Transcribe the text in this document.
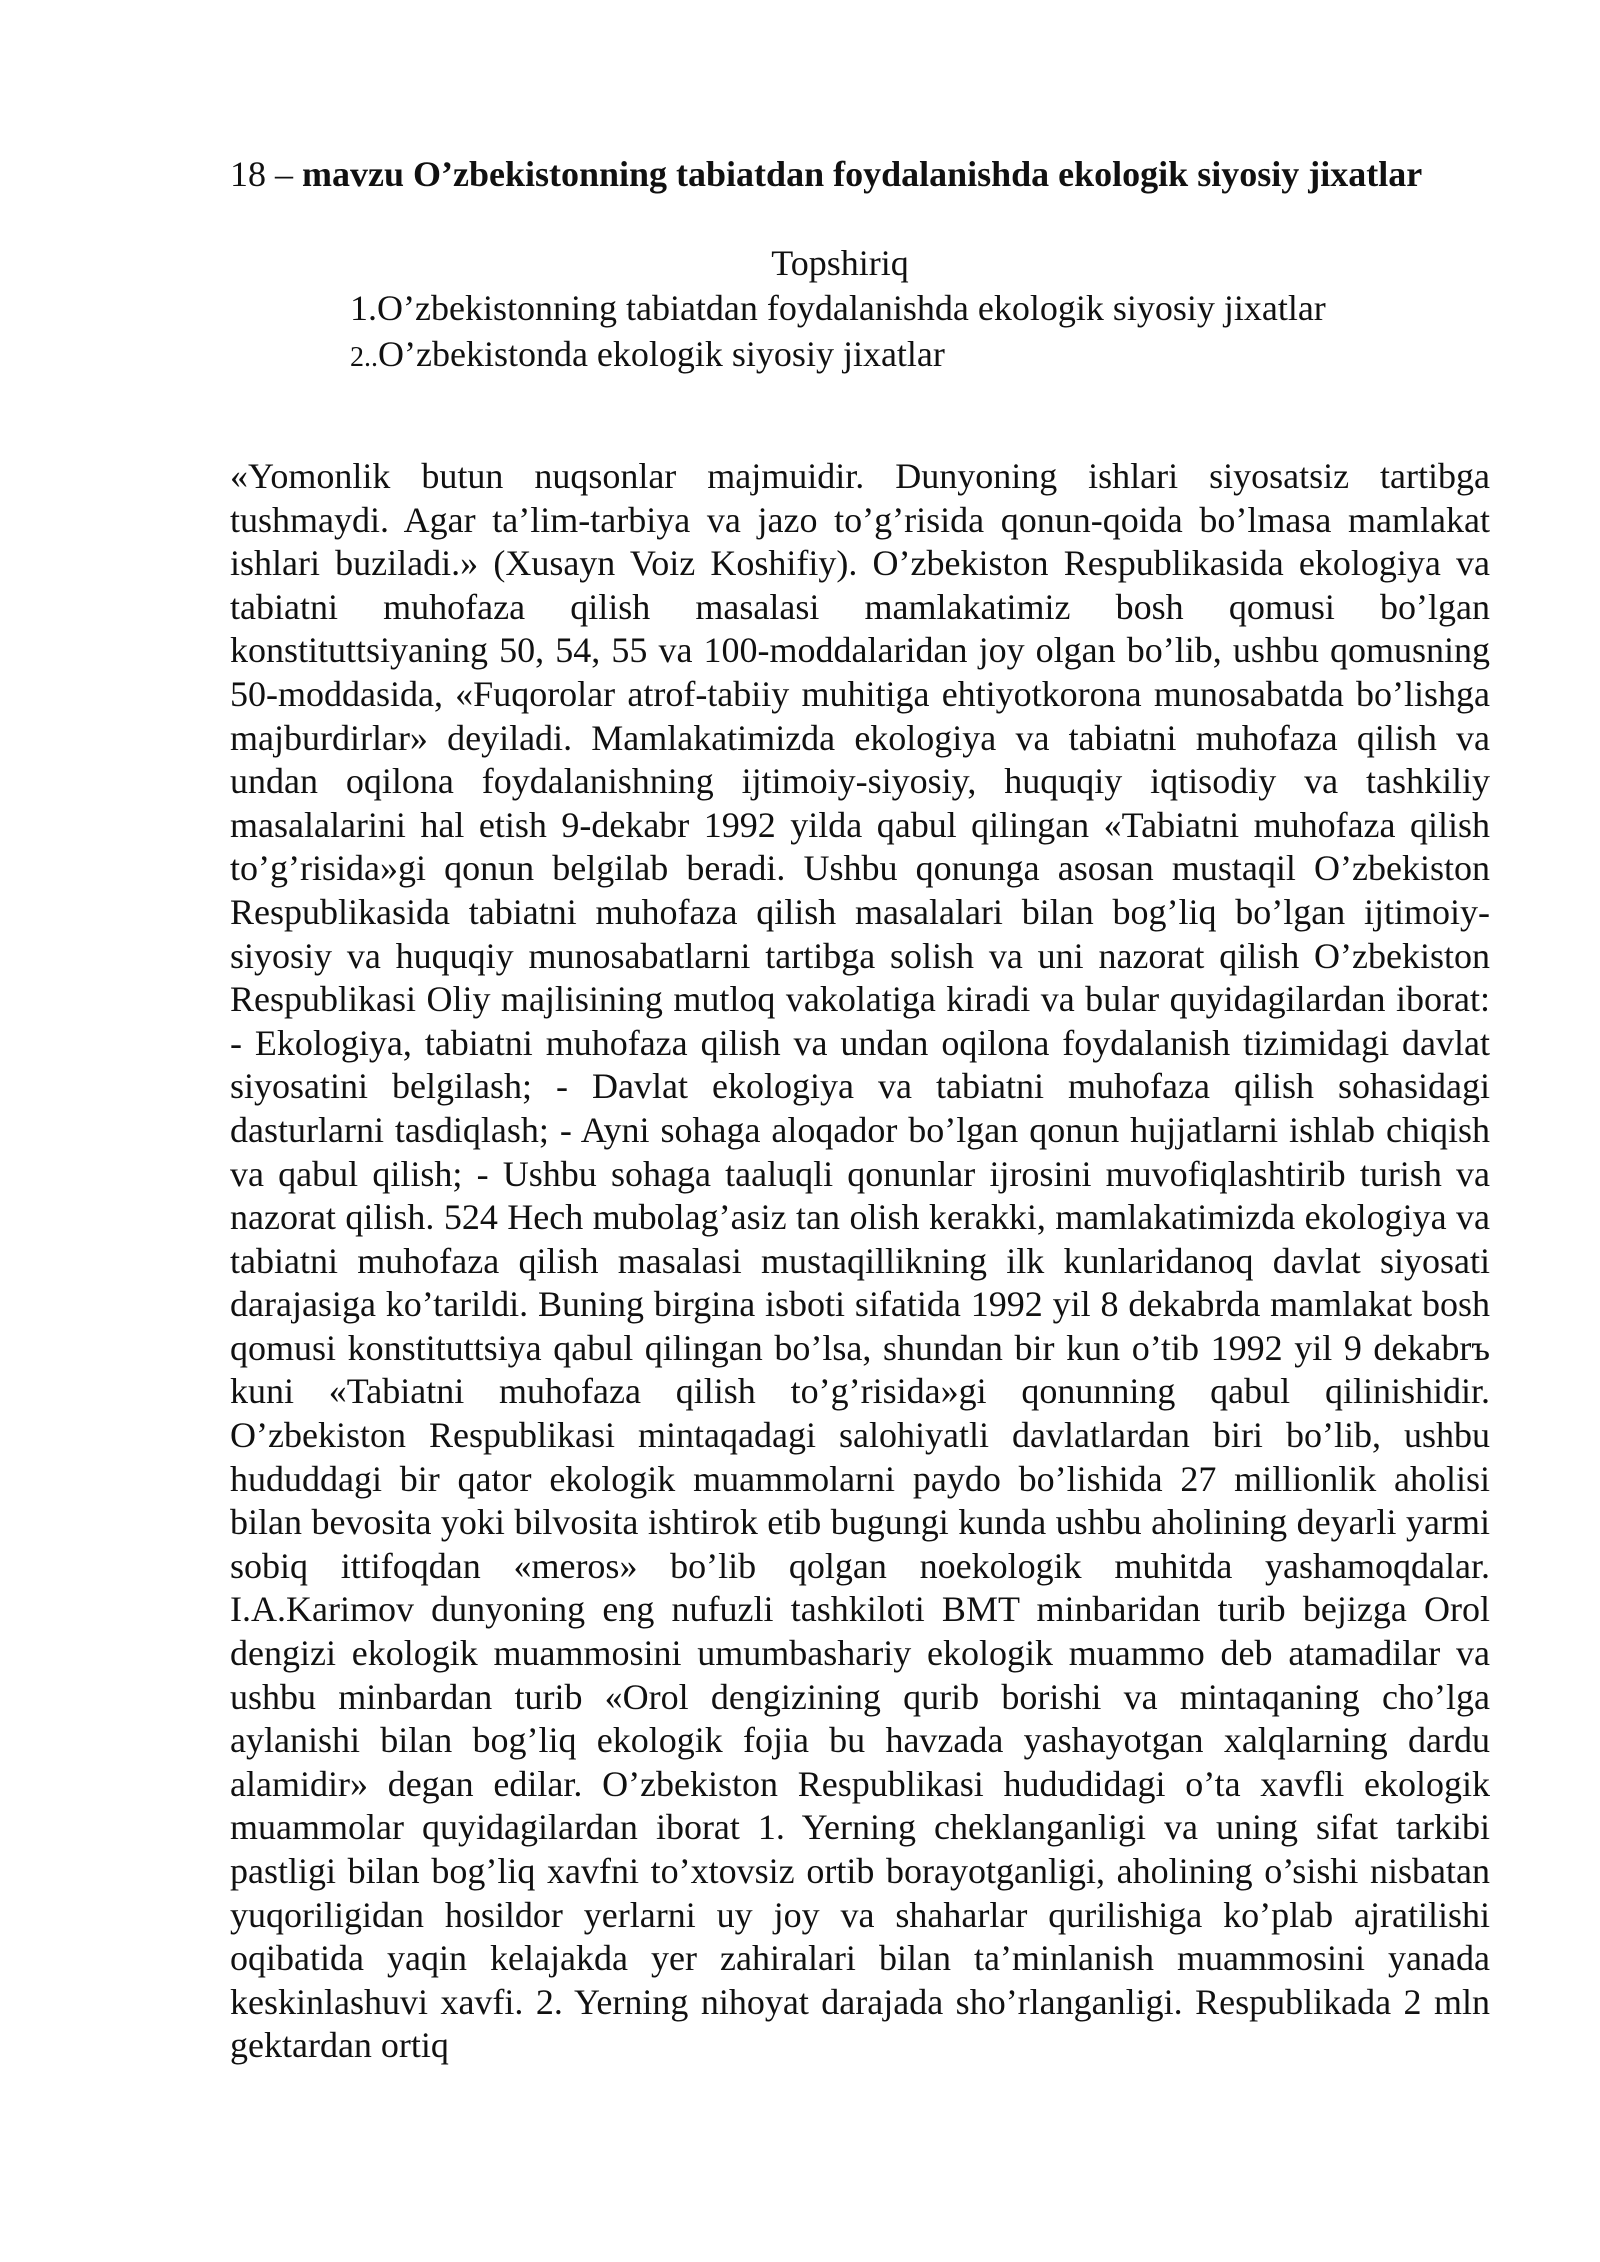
18 – mavzu O’zbekistonning tabiatdan foydalanishda ekologik siyosiy jixatlar

Topshiriq

1.O’zbekistonning tabiatdan foydalanishda ekologik siyosiy jixatlar
2..O’zbekistonda ekologik siyosiy jixatlar

«Yomonlik butun nuqsonlar majmuidir. Dunyoning ishlari siyosatsiz tartibga tushmaydi. Agar ta’lim-tarbiya va jazo to’g’risida qonun-qoida bo’lmasa mamlakat ishlari buziladi.» (Xusayn Voiz Koshifiy). O’zbekiston Respublikasida ekologiya va tabiatni muhofaza qilish masalasi mamlakatimiz bosh qomusi bo’lgan konstituttsiyaning 50, 54, 55 va 100-moddalaridan joy olgan bo’lib, ushbu qomusning 50-moddasida, «Fuqorolar atrof-tabiiy muhitiga ehtiyotkorona munosabatda bo’lishga majburdirlar» deyiladi. Mamlakatimizda ekologiya va tabiatni muhofaza qilish va undan oqilona foydalanishning ijtimoiy-siyosiy, huquqiy iqtisodiy va tashkiliy masalalarini hal etish 9-dekabr 1992 yilda qabul qilingan «Tabiatni muhofaza qilish to’g’risida»gi qonun belgilab beradi. Ushbu qonunga asosan mustaqil O’zbekiston Respublikasida tabiatni muhofaza qilish masalalari bilan bog’liq bo’lgan ijtimoiy-siyosiy va huquqiy munosabatlarni tartibga solish va uni nazorat qilish O’zbekiston Respublikasi Oliy majlisining mutloq vakolatiga kiradi va bular quyidagilardan iborat: ‐ Ekologiya, tabiatni muhofaza qilish va undan oqilona foydalanish tizimidagi davlat siyosatini belgilash; ‐ Davlat ekologiya va tabiatni muhofaza qilish sohasidagi dasturlarni tasdiqlash; ‐ Ayni sohaga aloqador bo’lgan qonun hujjatlarni ishlab chiqish va qabul qilish; ‐ Ushbu sohaga taaluqli qonunlar ijrosini muvofiqlashtirib turish va nazorat qilish. 524 Hech mubolag’asiz tan olish kerakki, mamlakatimizda ekologiya va tabiatni muhofaza qilish masalasi mustaqillikning ilk kunlaridanoq davlat siyosati darajasiga ko’tarildi. Buning birgina isboti sifatida 1992 yil 8 dekabrda mamlakat bosh qomusi konstituttsiya qabul qilingan bo’lsa, shundan bir kun o’tib 1992 yil 9 dekabrъ kuni «Tabiatni muhofaza qilish to’g’risida»gi qonunning qabul qilinishidir. O’zbekiston Respublikasi mintaqadagi salohiyatli davlatlardan biri bo’lib, ushbu hududdagi bir qator ekologik muammolarni paydo bo’lishida 27 millionlik aholisi bilan bevosita yoki bilvosita ishtirok etib bugungi kunda ushbu aholining deyarli yarmi sobiq ittifoqdan «meros» bo’lib qolgan noekologik muhitda yashamoqdalar. I.A.Karimov dunyoning eng nufuzli tashkiloti BMT minbaridan turib bejizga Orol dengizi ekologik muammosini umumbashariy ekologik muammo deb atamadilar va ushbu minbardan turib «Orol dengizining qurib borishi va mintaqaning cho’lga aylanishi bilan bog’liq ekologik fojia bu havzada yashayotgan xalqlarning dardu alamidir» degan edilar. O’zbekiston Respublikasi hududidagi o’ta xavfli ekologik muammolar quyidagilardan iborat 1. Yerning cheklanganligi va uning sifat tarkibi pastligi bilan bog’liq xavfni to’xtovsiz ortib borayotganligi, aholining o’sishi nisbatan yuqoriligidan hosildor yerlarni uy joy va shaharlar qurilishiga ko’plab ajratilishi oqibatida yaqin kelajakda yer zahiralari bilan ta’minlanish muammosini yanada keskinlashuvi xavfi. 2. Yerning nihoyat darajada sho’rlanganligi. Respublikada 2 mln gektardan ortiq
